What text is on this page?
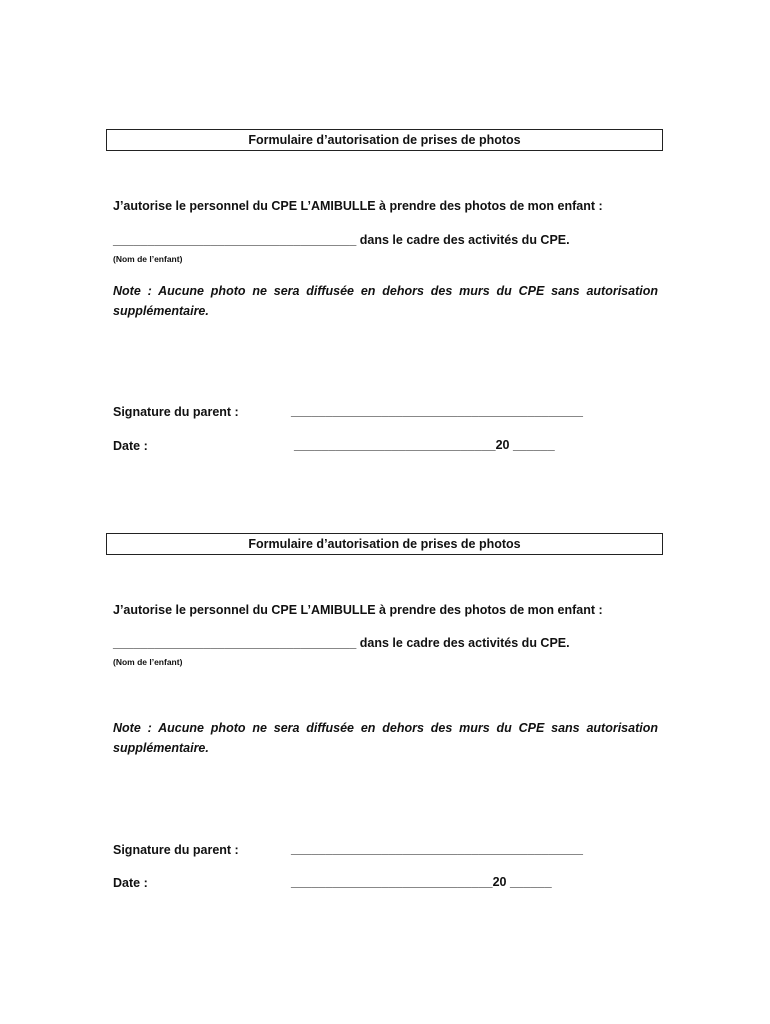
Formulaire d’autorisation de prises de photos
J’autorise le personnel du CPE L’AMIBULLE à prendre des photos de mon enfant :
___________________________________ dans le cadre des activités du CPE.
(Nom de l’enfant)
Note : Aucune photo ne sera diffusée en dehors des murs du CPE sans autorisation supplémentaire.
Signature du parent :	__________________________________________
Date :	_____________________________20 ______
Formulaire d’autorisation de prises de photos
J’autorise le personnel du CPE L’AMIBULLE à prendre des photos de mon enfant :
___________________________________ dans le cadre des activités du CPE.
(Nom de l’enfant)
Note : Aucune photo ne sera diffusée en dehors des murs du CPE sans autorisation supplémentaire.
Signature du parent :	__________________________________________
Date :	_____________________________20 ______
